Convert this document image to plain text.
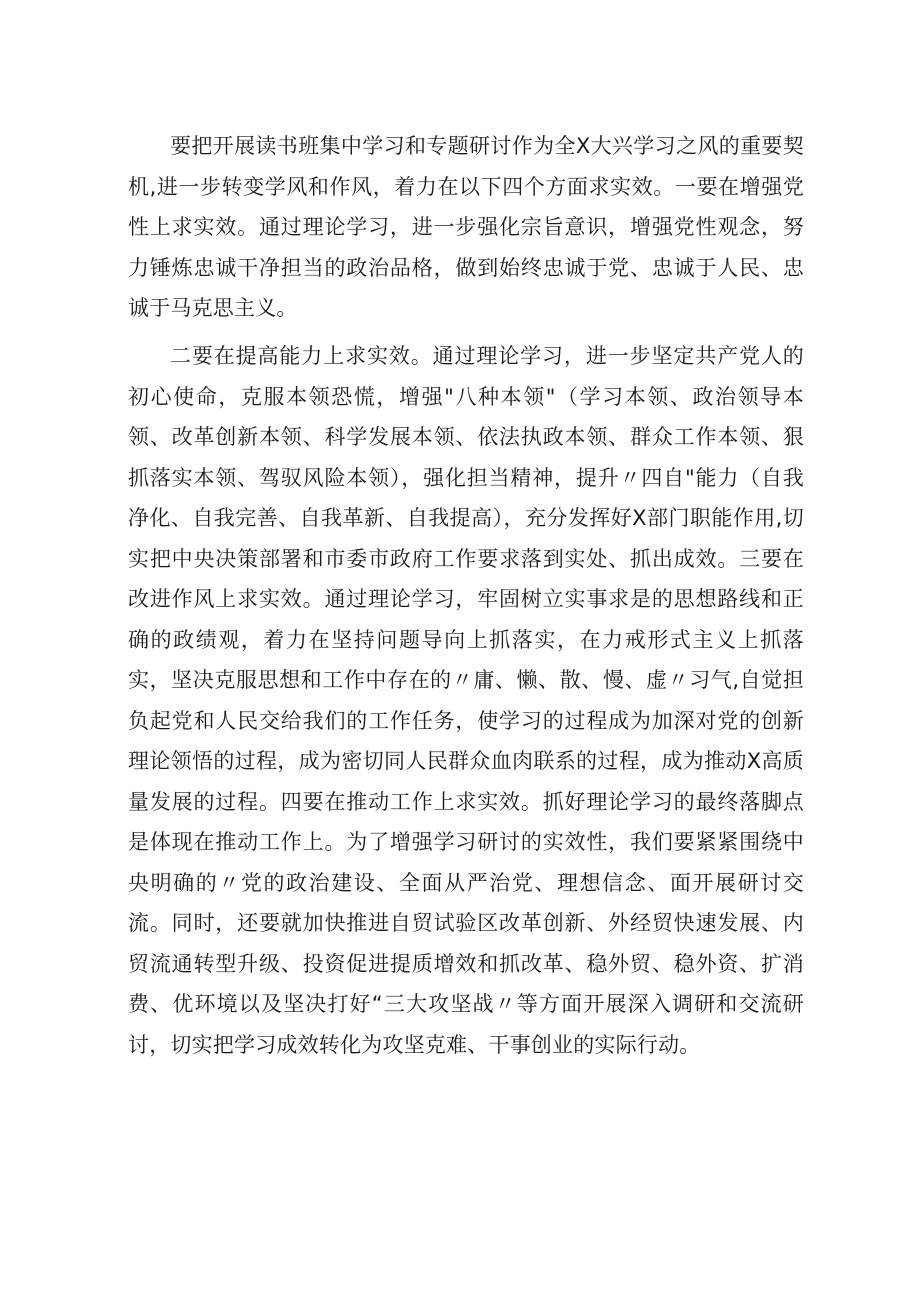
要把开展读书班集中学习和专题研讨作为全X大兴学习之风的重要契机,进一步转变学风和作风，着力在以下四个方面求实效。一要在增强党性上求实效。通过理论学习，进一步强化宗旨意识，增强党性观念，努力锤炼忠诚干净担当的政治品格，做到始终忠诚于党、忠诚于人民、忠诚于马克思主义。

二要在提高能力上求实效。通过理论学习，进一步坚定共产党人的初心使命，克服本领恐慌，增强"八种本领"（学习本领、政治领导本领、改革创新本领、科学发展本领、依法执政本领、群众工作本领、狠抓落实本领、驾驭风险本领），强化担当精神，提升〃四自"能力（自我净化、自我完善、自我革新、自我提高），充分发挥好X部门职能作用,切实把中央决策部署和市委市政府工作要求落到实处、抓出成效。三要在改进作风上求实效。通过理论学习，牢固树立实事求是的思想路线和正确的政绩观，着力在坚持问题导向上抓落实，在力戒形式主义上抓落实，坚决克服思想和工作中存在的〃庸、懒、散、慢、虚〃习气,自觉担负起党和人民交给我们的工作任务，使学习的过程成为加深对党的创新理论领悟的过程，成为密切同人民群众血肉联系的过程，成为推动X高质量发展的过程。四要在推动工作上求实效。抓好理论学习的最终落脚点是体现在推动工作上。为了增强学习研讨的实效性，我们要紧紧围绕中央明确的〃党的政治建设、全面从严治党、理想信念、面开展研讨交流。同时，还要就加快推进自贸试验区改革创新、外经贸快速发展、内贸流通转型升级、投资促进提质增效和抓改革、稳外贸、稳外资、扩消费、优环境以及坚决打好“三大攻坚战〃等方面开展深入调研和交流研讨，切实把学习成效转化为攻坚克难、干事创业的实际行动。
